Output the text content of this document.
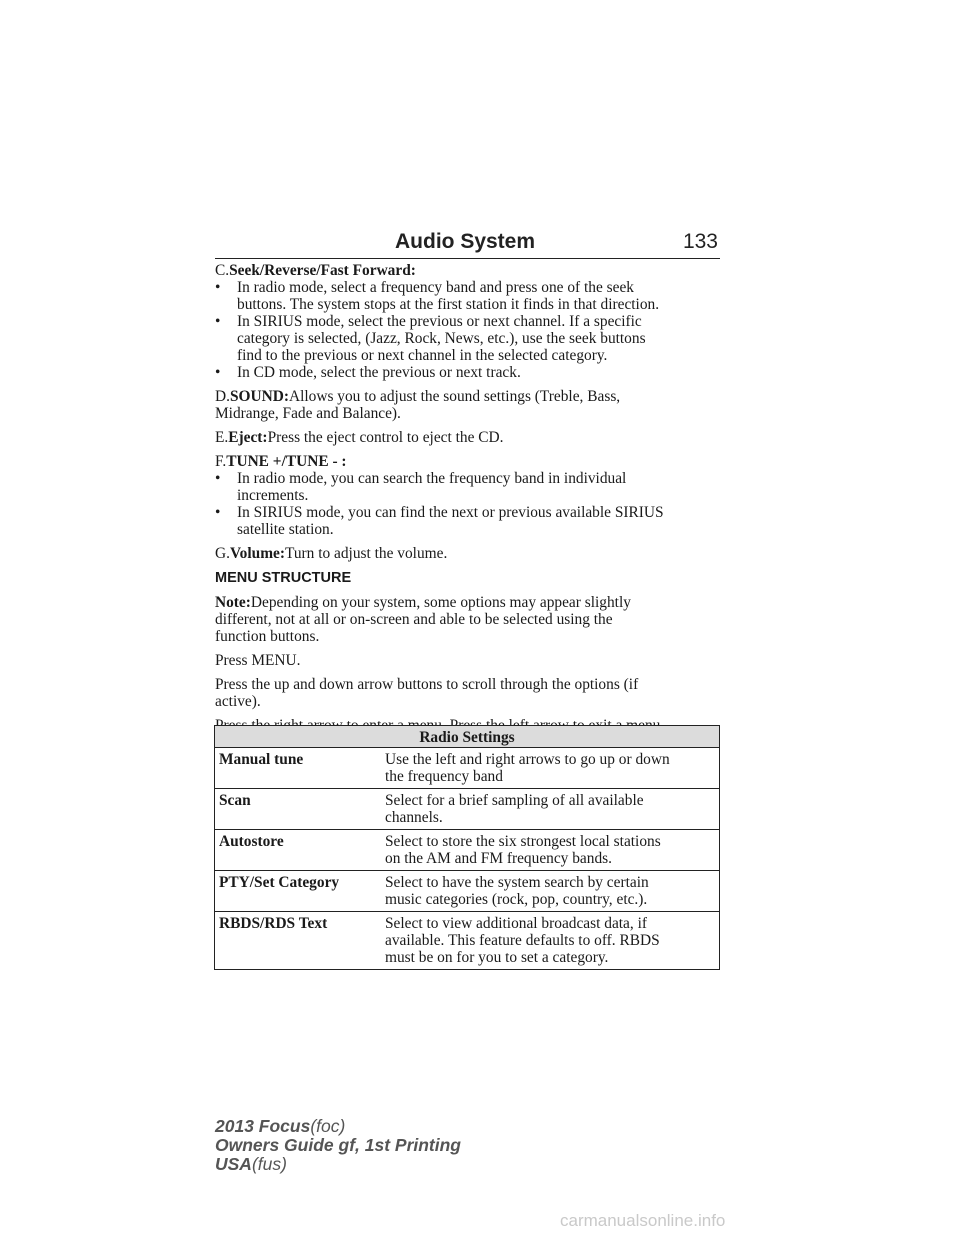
Audio System	133

C.Seek/Reverse/Fast Forward:

• In radio mode, select a frequency band and press one of the seek
buttons. The system stops at the first station it finds in that direction.

• In SIRIUS mode, select the previous or next channel. If a specific
category is selected, (Jazz, Rock, News, etc.), use the seek buttons
find to the previous or next channel in the selected category.

• In CD mode, select the previous or next track.

D.SOUND:Allows you to adjust the sound settings (Treble, Bass,
Midrange, Fade and Balance).

E.Eject:Press the eject control to eject the CD.

F.TUNE +/TUNE - :

• In radio mode, you can search the frequency band in individual
increments.

• In SIRIUS mode, you can find the next or previous available SIRIUS
satellite station.

G.Volume:Turn to adjust the volume.

MENU STRUCTURE

Note:Depending on your system, some options may appear slightly
different, not at all or on-screen and able to be selected using the
function buttons.

Press MENU.

Press the up and down arrow buttons to scroll through the options (if
active).

Radio Settings	
Manual tune	Use the left and right arrows to go up or down
the frequency band
Scan	Select for a brief sampling of all available
channels.
Autostore	Select to store the six strongest local stations
on the AM and FM frequency bands.
PTY/Set Category	Select to have the system search by certain
music categories (rock, pop, country, etc.).
RBDS/RDS Text	Select to view additional broadcast data, if
available. This feature defaults to off. RBDS
must be on for you to set a category.
2013 Focus(foc)
Owners Guide gf, 1st Printing
USA(fus)
carmanualsonline.info
